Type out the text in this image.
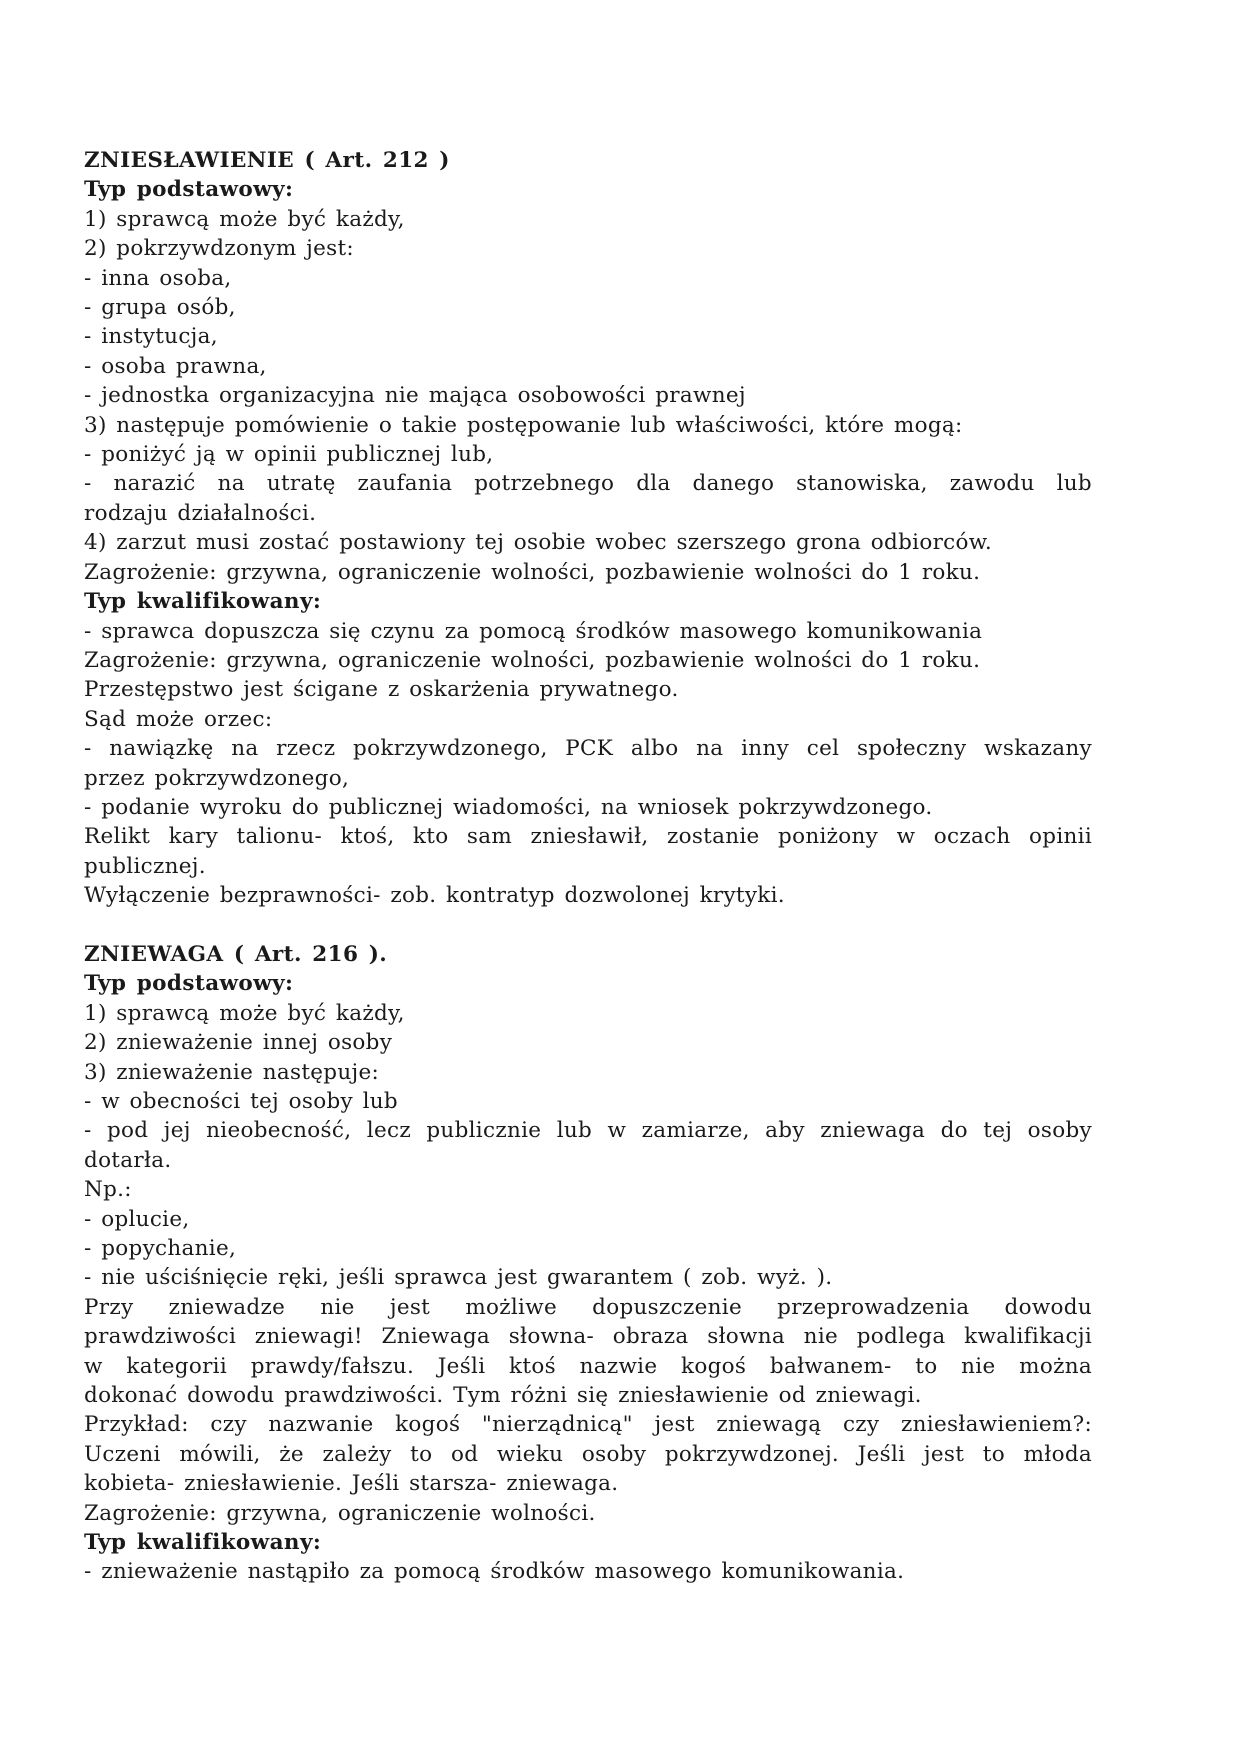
ZNIESŁAWIENIE ( Art. 212 )
Typ podstawowy:
1) sprawcą może być każdy,
2) pokrzywdzonym jest:
- inna osoba,
- grupa osób,
- instytucja,
- osoba prawna,
- jednostka organizacyjna nie mająca osobowości prawnej
3) następuje pomówienie o takie postępowanie lub właściwości, które mogą:
- poniżyć ją w opinii publicznej lub,
- narazić na utratę zaufania potrzebnego dla danego stanowiska, zawodu lub
rodzaju działalności.
4) zarzut musi zostać postawiony tej osobie wobec szerszego grona odbiorców.
Zagrożenie: grzywna, ograniczenie wolności, pozbawienie wolności do 1 roku.
Typ kwalifikowany:
- sprawca dopuszcza się czynu za pomocą środków masowego komunikowania
Zagrożenie: grzywna, ograniczenie wolności, pozbawienie wolności do 1 roku.
Przestępstwo jest ścigane z oskarżenia prywatnego.
Sąd może orzec:
- nawiązkę na rzecz pokrzywdzonego, PCK albo na inny cel społeczny wskazany
przez pokrzywdzonego,
- podanie wyroku do publicznej wiadomości, na wniosek pokrzywdzonego.
Relikt kary talionu- ktoś, kto sam zniesławił, zostanie poniżony w oczach opinii
publicznej.
Wyłączenie bezprawności- zob. kontratyp dozwolonej krytyki.
ZNIEWAGA ( Art. 216 ).
Typ podstawowy:
1) sprawcą może być każdy,
2) znieważenie innej osoby
3) znieważenie następuje:
- w obecności tej osoby lub
- pod jej nieobecność, lecz publicznie lub w zamiarze, aby zniewaga do tej osoby
dotarła.
Np.:
- oplucie,
- popychanie,
- nie uściśnięcie ręki, jeśli sprawca jest gwarantem ( zob. wyż. ).
Przy zniewadze nie jest możliwe dopuszczenie przeprowadzenia dowodu
prawdziwości zniewagi! Zniewaga słowna- obraza słowna nie podlega kwalifikacji
w kategorii prawdy/fałszu. Jeśli ktoś nazwie kogoś bałwanem- to nie można
dokonać dowodu prawdziwości. Tym różni się zniesławienie od zniewagi.
Przykład: czy nazwanie kogoś "nierządnicą" jest zniewagą czy zniesławieniem?:
Uczeni mówili, że zależy to od wieku osoby pokrzywdzonej. Jeśli jest to młoda
kobieta- zniesławienie. Jeśli starsza- zniewaga.
Zagrożenie: grzywna, ograniczenie wolności.
Typ kwalifikowany:
- znieważenie nastąpiło za pomocą środków masowego komunikowania.
